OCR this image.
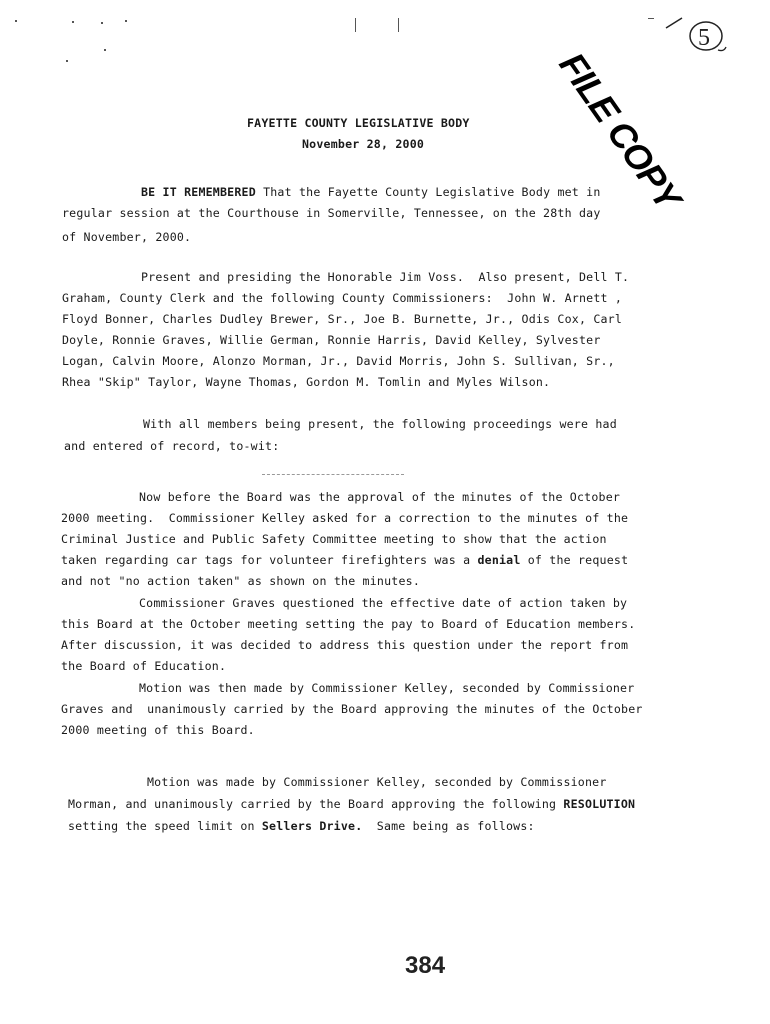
FILE COPY
5
FAYETTE COUNTY LEGISLATIVE BODY
November 28, 2000
BE IT REMEMBERED That the Fayette County Legislative Body met in
regular session at the Courthouse in Somerville, Tennessee, on the 28th day
of November, 2000.
Present and presiding the Honorable Jim Voss.  Also present, Dell T.
Graham, County Clerk and the following County Commissioners:  John W. Arnett ,
Floyd Bonner, Charles Dudley Brewer, Sr., Joe B. Burnette, Jr., Odis Cox, Carl
Doyle, Ronnie Graves, Willie German, Ronnie Harris, David Kelley, Sylvester
Logan, Calvin Moore, Alonzo Morman, Jr., David Morris, John S. Sullivan, Sr.,
Rhea "Skip" Taylor, Wayne Thomas, Gordon M. Tomlin and Myles Wilson.
With all members being present, the following proceedings were had
and entered of record, to-wit:
Now before the Board was the approval of the minutes of the October
2000 meeting.  Commissioner Kelley asked for a correction to the minutes of the
Criminal Justice and Public Safety Committee meeting to show that the action
taken regarding car tags for volunteer firefighters was a denial of the request
and not "no action taken" as shown on the minutes.
Commissioner Graves questioned the effective date of action taken by
this Board at the October meeting setting the pay to Board of Education members.
After discussion, it was decided to address this question under the report from
the Board of Education.
Motion was then made by Commissioner Kelley, seconded by Commissioner
Graves and  unanimously carried by the Board approving the minutes of the October
2000 meeting of this Board.
Motion was made by Commissioner Kelley, seconded by Commissioner
Morman, and unanimously carried by the Board approving the following RESOLUTION
setting the speed limit on Sellers Drive.  Same being as follows:
384
